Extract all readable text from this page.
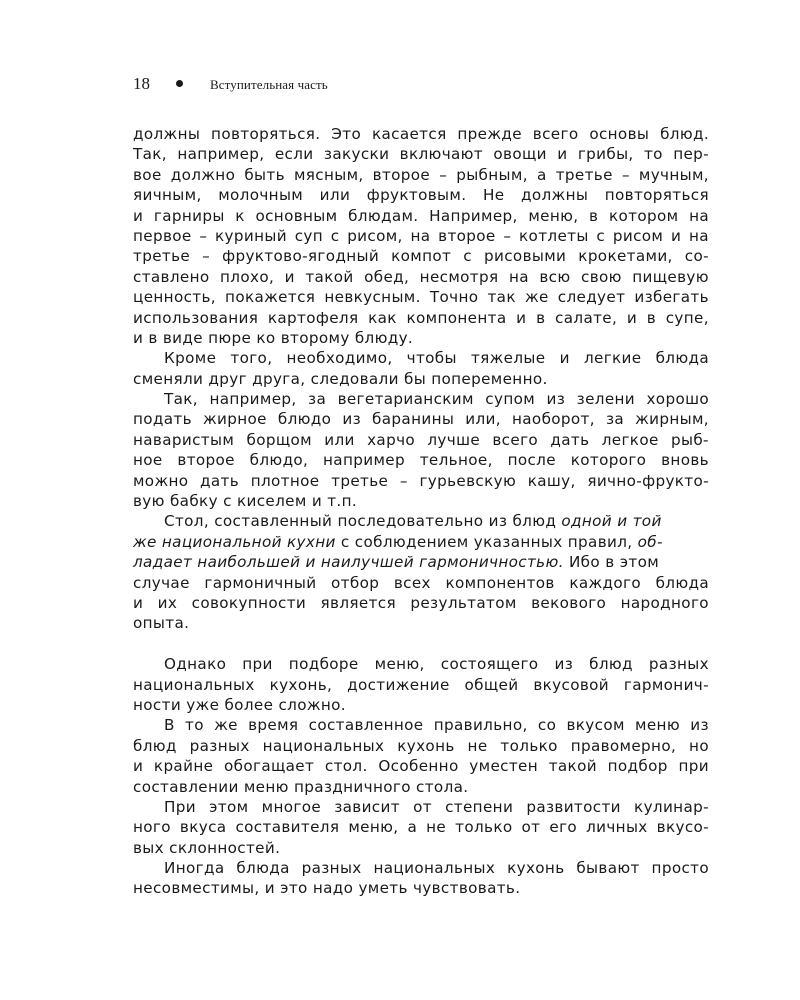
18	Вступительная часть
должны повторяться. Это касается прежде всего основы блюд.
Так, например, если закуски включают овощи и грибы, то пер-
вое должно быть мясным, второе – рыбным, а третье – мучным,
яичным, молочным или фруктовым. Не должны повторяться
и гарниры к основным блюдам. Например, меню, в котором на
первое – куриный суп с рисом, на второе – котлеты с рисом и на
третье – фруктово-ягодный компот с рисовыми крокетами, со-
ставлено плохо, и такой обед, несмотря на всю свою пищевую
ценность, покажется невкусным. Точно так же следует избегать
использования картофеля как компонента и в салате, и в супе,
и в виде пюре ко второму блюду.
Кроме того, необходимо, чтобы тяжелые и легкие блюда
сменяли друг друга, следовали бы попеременно.
Так, например, за вегетарианским супом из зелени хорошо
подать жирное блюдо из баранины или, наоборот, за жирным,
наваристым борщом или харчо лучше всего дать легкое рыб-
ное второе блюдо, например тельное, после которого вновь
можно дать плотное третье – гурьевскую кашу, яично-фрукто-
вую бабку с киселем и т.п.
Стол, составленный последовательно из блюд одной и той
же национальной кухни с соблюдением указанных правил, об-
ладает наибольшей и наилучшей гармоничностью. Ибо в этом
случае гармоничный отбор всех компонентов каждого блюда
и их совокупности является результатом векового народного
опыта.
Однако при подборе меню, состоящего из блюд разных
национальных кухонь, достижение общей вкусовой гармонич-
ности уже более сложно.
В то же время составленное правильно, со вкусом меню из
блюд разных национальных кухонь не только правомерно, но
и крайне обогащает стол. Особенно уместен такой подбор при
составлении меню праздничного стола.
При этом многое зависит от степени развитости кулинар-
ного вкуса составителя меню, а не только от его личных вкусо-
вых склонностей.
Иногда блюда разных национальных кухонь бывают просто
несовместимы, и это надо уметь чувствовать.
